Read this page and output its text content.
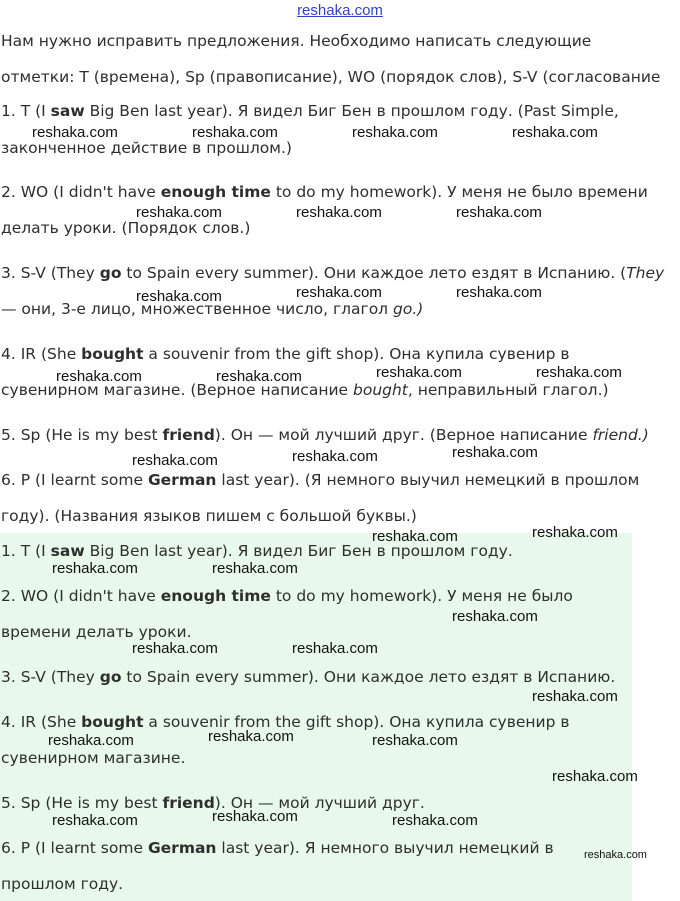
reshaka.com
Нам нужно исправить предложения. Необходимо написать следующие
отметки: T (времена), Sp (правописание), WO (порядок слов), S-V (согласование
1. T (I saw Big Ben last year). Я видел Биг Бен в прошлом году. (Past Simple,
законченное действие в прошлом.)
2. WO (I didn't have enough time to do my homework). У меня не было времени
делать уроки. (Порядок слов.)
3. S-V (They go to Spain every summer). Они каждое лето ездят в Испанию. (They
— они, 3-е лицо, множественное число, глагол go.)
4. IR (She bought a souvenir from the gift shop). Она купила сувенир в
сувенирном магазине. (Верное написание bought, неправильный глагол.)
5. Sp (He is my best friend). Он — мой лучший друг. (Верное написание friend.)
6. P (I learnt some German last year). (Я немного выучил немецкий в прошлом
году). (Названия языков пишем с большой буквы.)
1. T (I saw Big Ben last year). Я видел Биг Бен в прошлом году.
2. WO (I didn't have enough time to do my homework). У меня не было
времени делать уроки.
3. S-V (They go to Spain every summer). Они каждое лето ездят в Испанию.
4. IR (She bought a souvenir from the gift shop). Она купила сувенир в
сувенирном магазине.
5. Sp (He is my best friend). Он — мой лучший друг.
6. P (I learnt some German last year). Я немного выучил немецкий в
прошлом году.
reshaka.com	reshaka.com	reshaka.com	reshaka.com
reshaka.com	reshaka.com	reshaka.com
reshaka.com	reshaka.com	reshaka.com
reshaka.com	reshaka.com	reshaka.com	reshaka.com
reshaka.com	reshaka.com	reshaka.com
reshaka.com	reshaka.com
reshaka.com	reshaka.com
reshaka.com
reshaka.com	reshaka.com
reshaka.com
reshaka.com	reshaka.com	reshaka.com
reshaka.com
reshaka.com	reshaka.com	reshaka.com
reshaka.com
